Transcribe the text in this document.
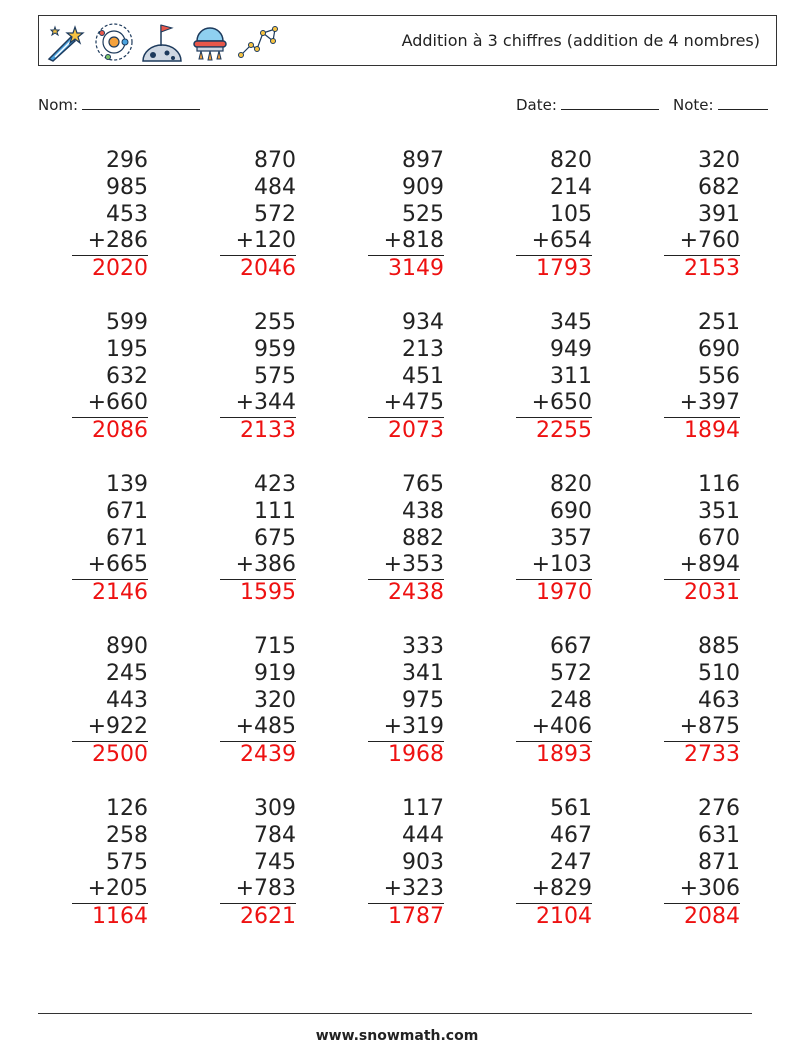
Addition à 3 chiffres (addition de 4 nombres)
Nom:	Date:	Note:
296
985
453
+286
2020
870
484
572
+120
2046
897
909
525
+818
3149
820
214
105
+654
1793
320
682
391
+760
2153
599
195
632
+660
2086
255
959
575
+344
2133
934
213
451
+475
2073
345
949
311
+650
2255
251
690
556
+397
1894
139
671
671
+665
2146
423
111
675
+386
1595
765
438
882
+353
2438
820
690
357
+103
1970
116
351
670
+894
2031
890
245
443
+922
2500
715
919
320
+485
2439
333
341
975
+319
1968
667
572
248
+406
1893
885
510
463
+875
2733
126
258
575
+205
1164
309
784
745
+783
2621
117
444
903
+323
1787
561
467
247
+829
2104
276
631
871
+306
2084
www.snowmath.com
